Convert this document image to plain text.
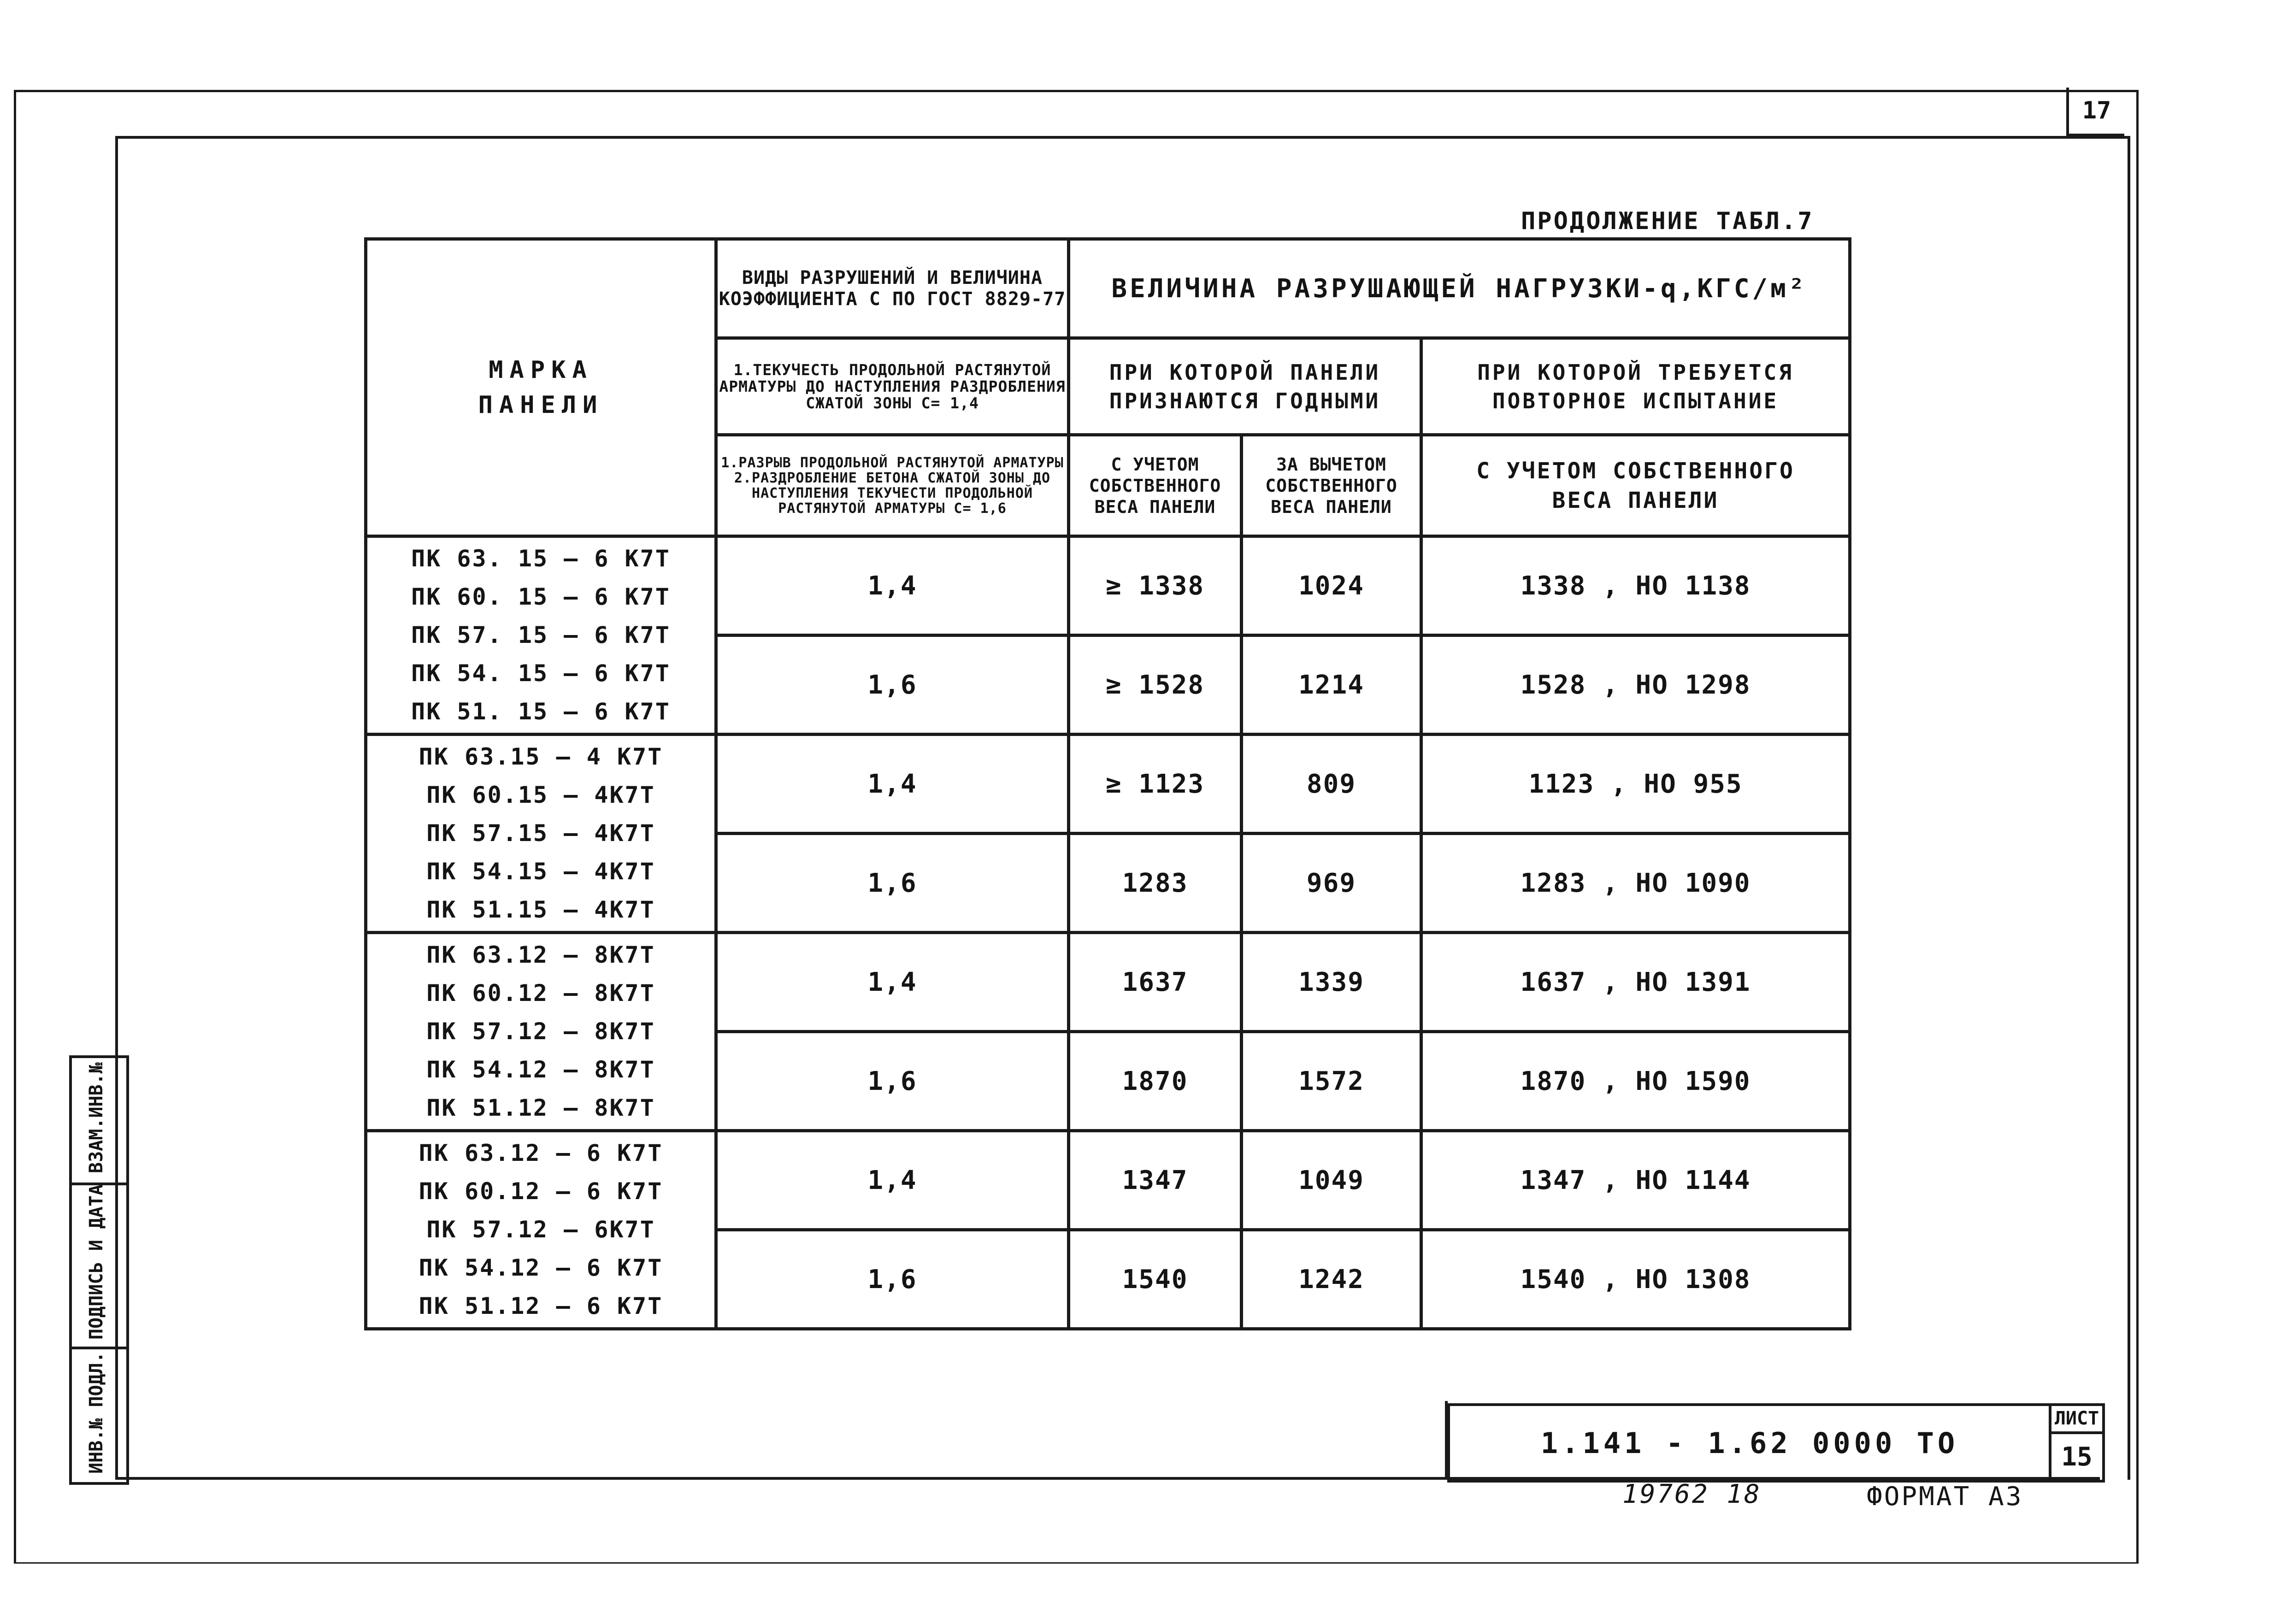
17
ВЗАМ.ИНВ.№
ПОДПИСЬ И ДАТА
ИНВ.№ ПОДЛ.
ПРОДОЛЖЕНИЕ ТАБЛ.7
МАРКА
ПАНЕЛИ	ВИДЫ РАЗРУШЕНИЙ И ВЕЛИЧИНА КОЭФФИЦИЕНТА С ПО ГОСТ 8829-77	ВЕЛИЧИНА РАЗРУШАЮЩЕЙ НАГРУЗКИ-q,КГС/м²		
	1.ТЕКУЧЕСТЬ ПРОДОЛЬНОЙ РАСТЯНУТОЙ АРМАТУРЫ ДО НАСТУПЛЕНИЯ РАЗДРОБЛЕНИЯ СЖАТОЙ ЗОНЫ С= 1,4	ПРИ КОТОРОЙ ПАНЕЛИ ПРИЗНАЮТСЯ ГОДНЫМИ		ПРИ КОТОРОЙ ТРЕБУЕТСЯ ПОВТОРНОЕ ИСПЫТАНИЕ
	1.РАЗРЫВ ПРОДОЛЬНОЙ РАСТЯНУТОЙ АРМАТУРЫ 2.РАЗДРОБЛЕНИЕ БЕТОНА СЖАТОЙ ЗОНЫ ДО НАСТУПЛЕНИЯ ТЕКУЧЕСТИ ПРОДОЛЬНОЙ РАСТЯНУТОЙ АРМАТУРЫ С= 1,6	С УЧЕТОМ СОБСТВЕННОГО ВЕСА ПАНЕЛИ	ЗА ВЫЧЕТОМ СОБСТВЕННОГО ВЕСА ПАНЕЛИ	С УЧЕТОМ СОБСТВЕННОГО ВЕСА ПАНЕЛИ

ПК 63. 15 — 6 К7Т
ПК 60. 15 — 6 К7Т
ПК 57. 15 — 6 К7Т
ПК 54. 15 — 6 К7Т
ПК 51. 15 — 6 К7Т	1,4	≥ 1338	1024	1338 , НО 1138
	1,6	≥ 1528	1214	1528 , НО 1298

ПК 63.15 — 4 К7Т
ПК 60.15 — 4К7Т
ПК 57.15 — 4К7Т
ПК 54.15 — 4К7Т
ПК 51.15 — 4К7Т	1,4	≥ 1123	809	1123 , НО 955
	1,6	1283	969	1283 , НО 1090

ПК 63.12 — 8К7Т
ПК 60.12 — 8К7Т
ПК 57.12 — 8К7Т
ПК 54.12 — 8К7Т
ПК 51.12 — 8К7Т	1,4	1637	1339	1637 , НО 1391
	1,6	1870	1572	1870 , НО 1590

ПК 63.12 — 6 К7Т
ПК 60.12 — 6 К7Т
ПК 57.12 — 6К7Т
ПК 54.12 — 6 К7Т
ПК 51.12 — 6 К7Т	1,4	1347	1049	1347 , НО 1144
	1,6	1540	1242	1540 , НО 1308
1.141 - 1.62 0000 ТО
ЛИСТ
15
19762 18	ФОРМАТ А3
